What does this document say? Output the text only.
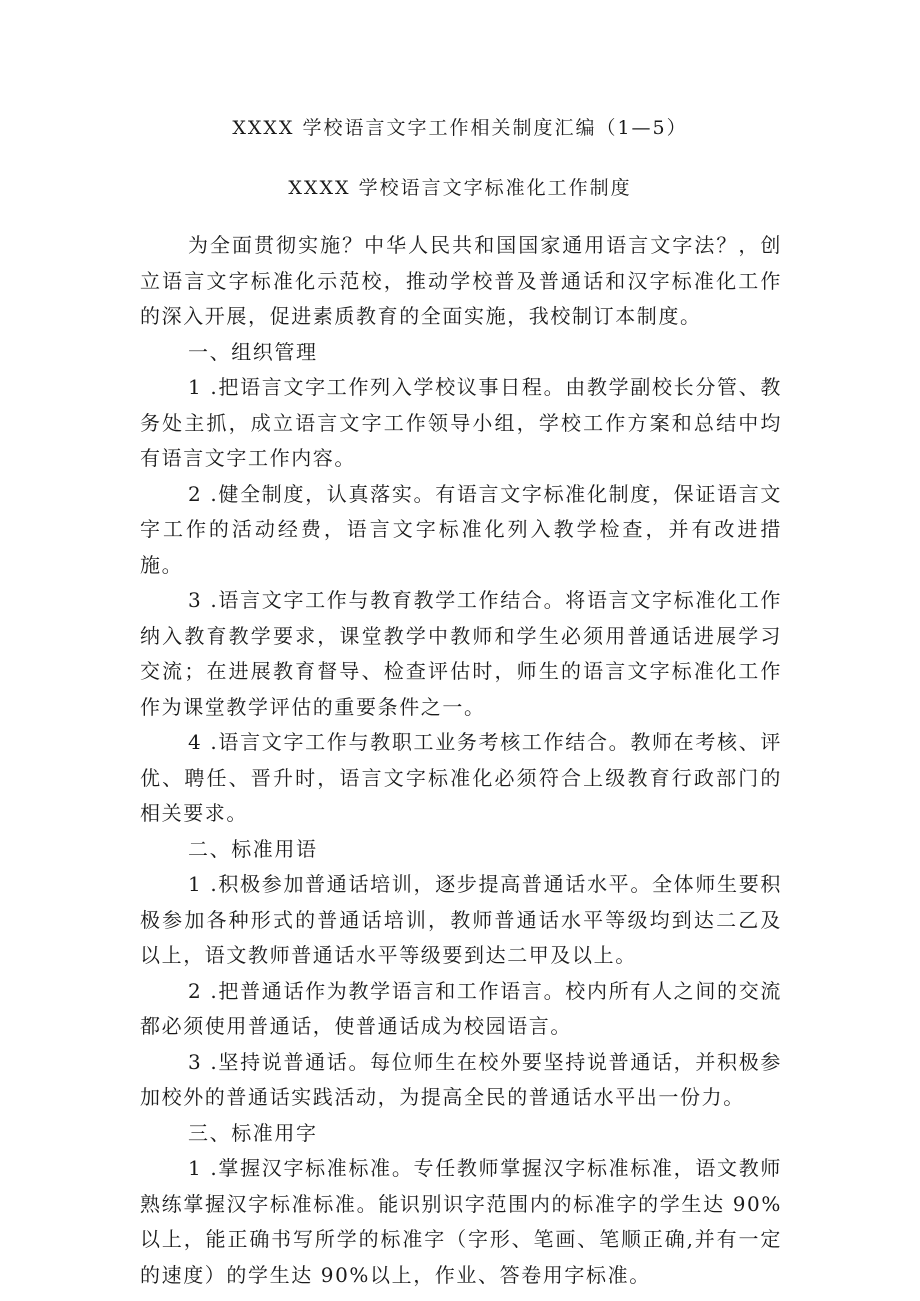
XXXX 学校语言文字工作相关制度汇编（1—5）
XXXX 学校语言文字标准化工作制度

为全面贯彻实施？中华人民共和国国家通用语言文字法？，创立语言文字标准化示范校，推动学校普及普通话和汉字标准化工作的深入开展，促进素质教育的全面实施，我校制订本制度。

一、组织管理

1 .把语言文字工作列入学校议事日程。由教学副校长分管、教务处主抓，成立语言文字工作领导小组，学校工作方案和总结中均有语言文字工作内容。

2 .健全制度，认真落实。有语言文字标准化制度，保证语言文字工作的活动经费，语言文字标准化列入教学检查，并有改进措施。

3 .语言文字工作与教育教学工作结合。将语言文字标准化工作纳入教育教学要求，课堂教学中教师和学生必须用普通话进展学习交流；在进展教育督导、检查评估时，师生的语言文字标准化工作作为课堂教学评估的重要条件之一。

4 .语言文字工作与教职工业务考核工作结合。教师在考核、评优、聘任、晋升时，语言文字标准化必须符合上级教育行政部门的相关要求。

二、标准用语

1 .积极参加普通话培训，逐步提高普通话水平。全体师生要积极参加各种形式的普通话培训，教师普通话水平等级均到达二乙及以上，语文教师普通话水平等级要到达二甲及以上。

2 .把普通话作为教学语言和工作语言。校内所有人之间的交流都必须使用普通话，使普通话成为校园语言。

3 .坚持说普通话。每位师生在校外要坚持说普通话，并积极参加校外的普通话实践活动，为提高全民的普通话水平出一份力。

三、标准用字

1 .掌握汉字标准标准。专任教师掌握汉字标准标准，语文教师熟练掌握汉字标准标准。能识别识字范围内的标准字的学生达 90%以上，能正确书写所学的标准字（字形、笔画、笔顺正确,并有一定的速度）的学生达 90%以上，作业、答卷用字标准。
